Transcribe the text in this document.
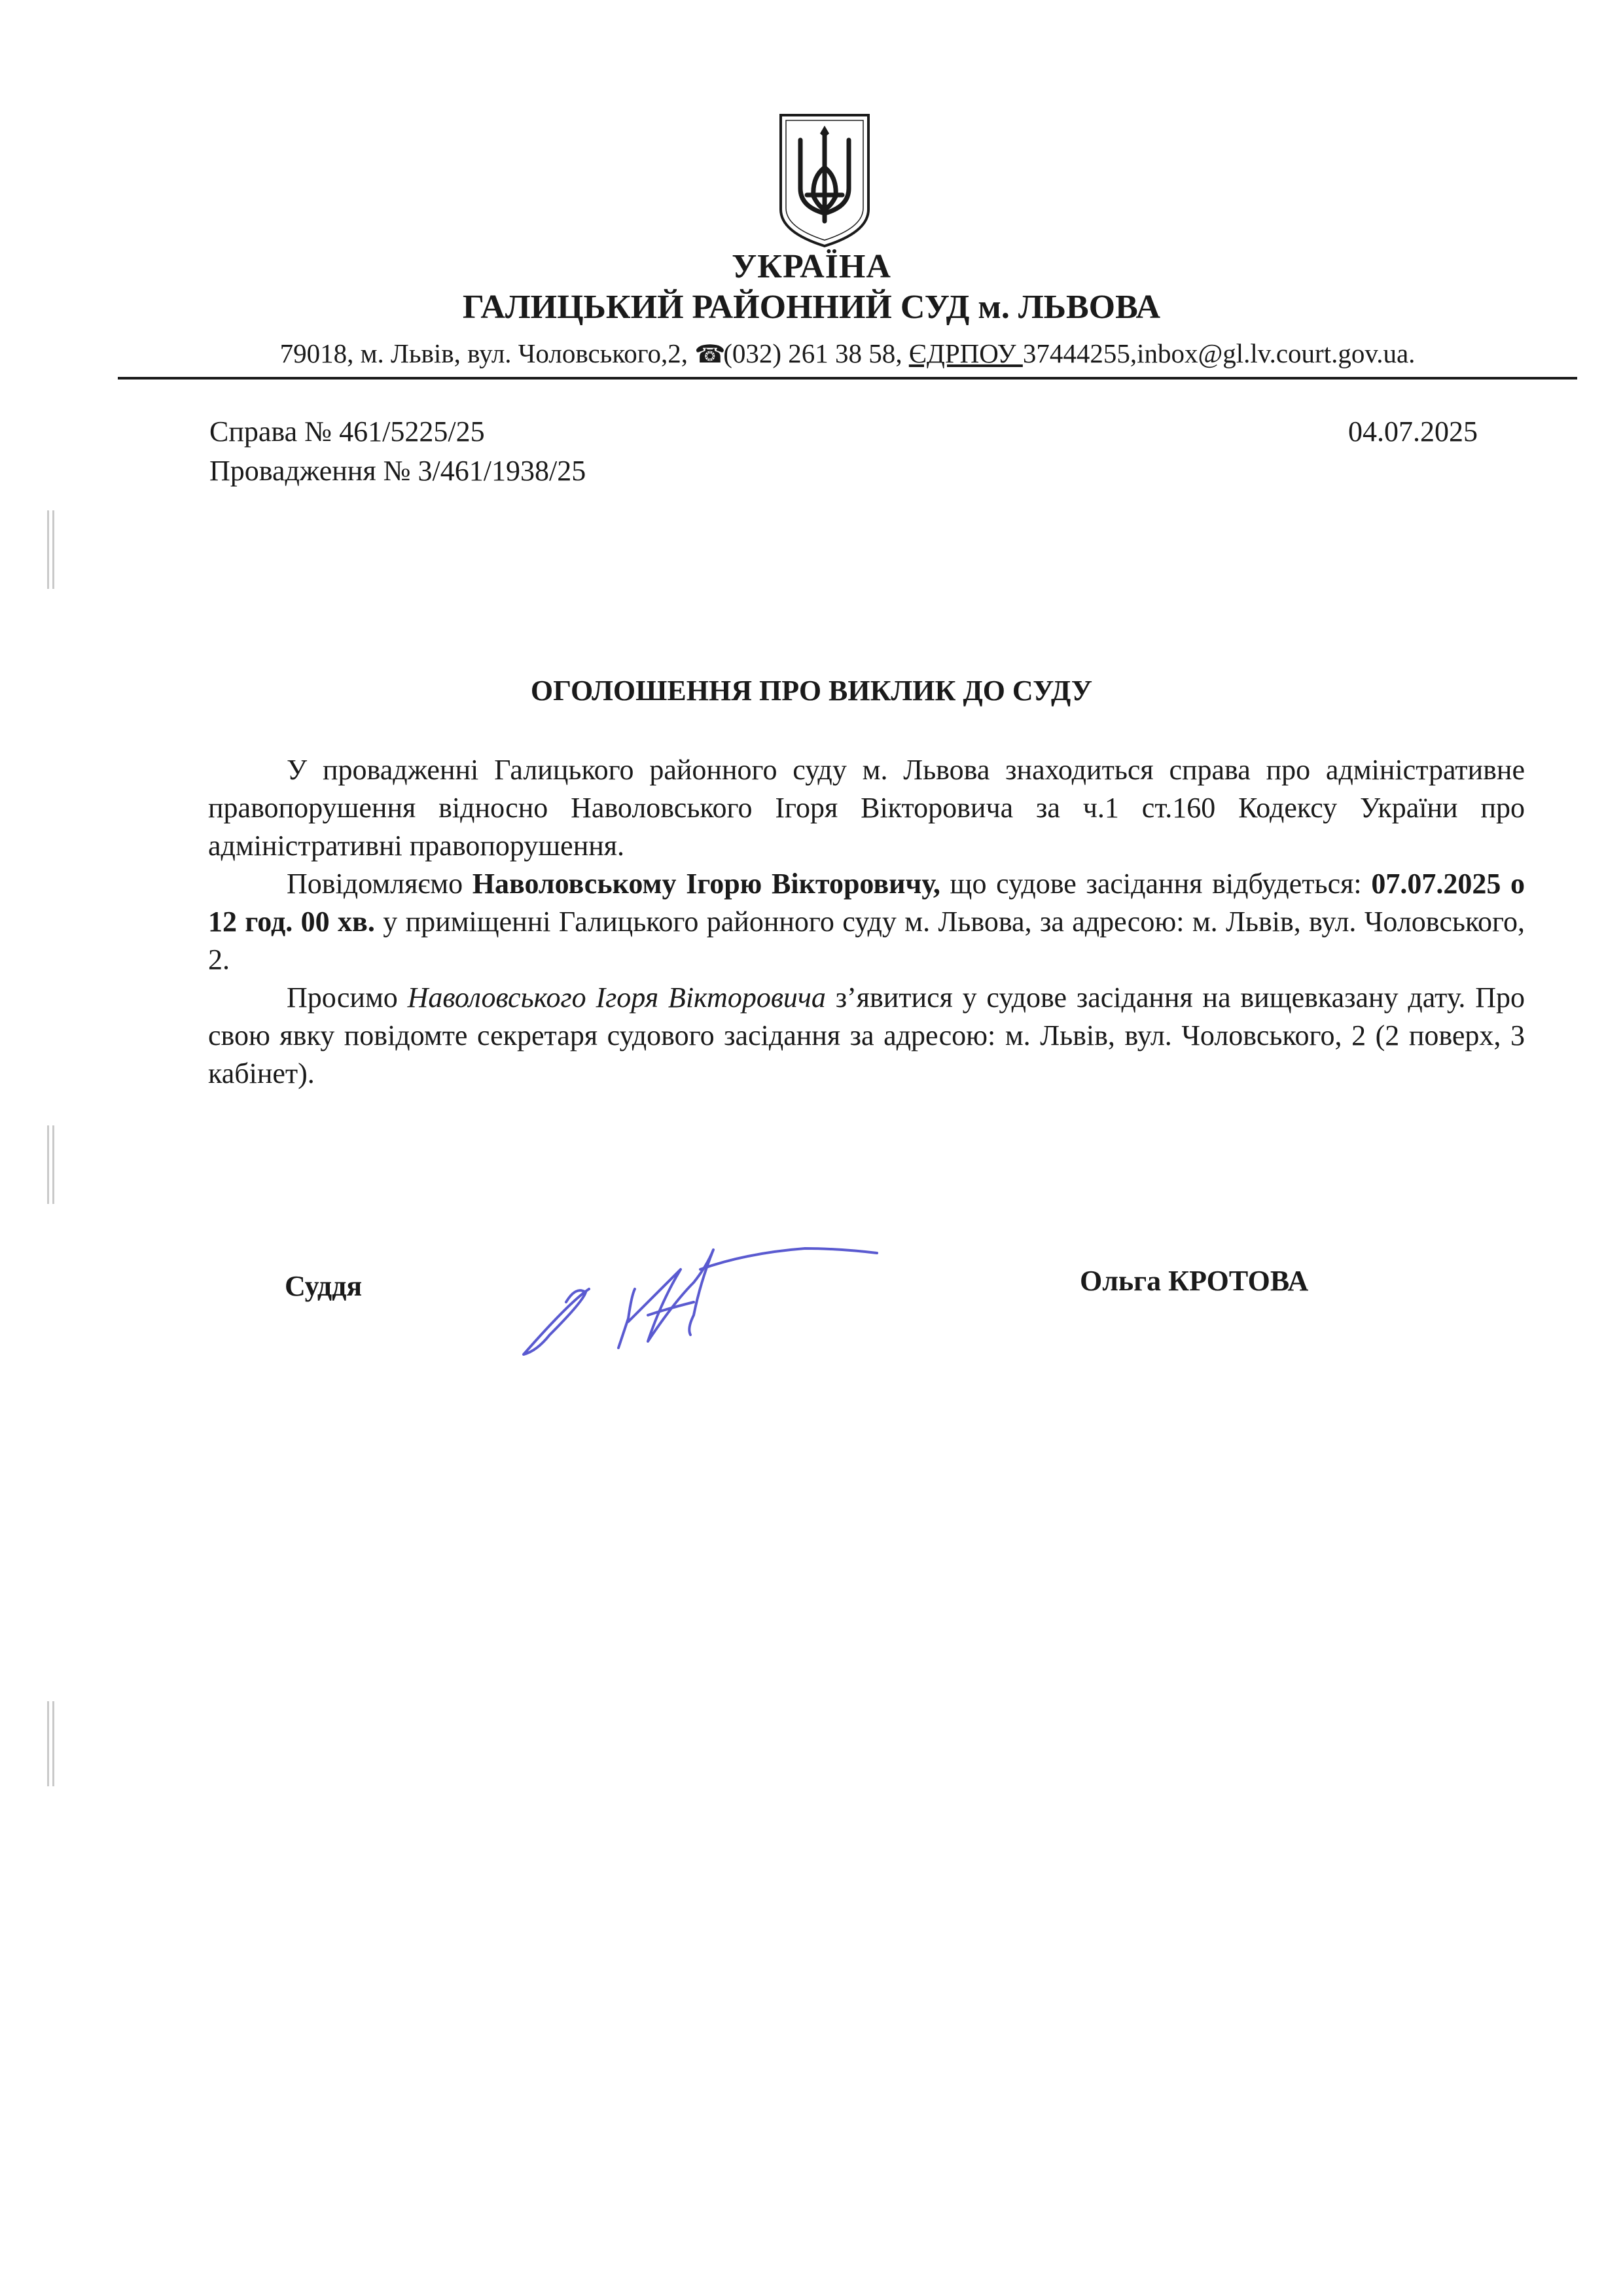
УКРАЇНА
ГАЛИЦЬКИЙ РАЙОННИЙ СУД м. ЛЬВОВА
79018, м. Львів, вул. Чоловського,2, ☎(032) 261 38 58, ЄДРПОУ 37444255,inbox@gl.lv.court.gov.ua.
Справа № 461/5225/25
Провадження № 3/461/1938/25
04.07.2025
ОГОЛОШЕННЯ ПРО ВИКЛИК ДО СУДУ

У провадженні Галицького районного суду м. Львова знаходиться справа про адміністративне правопорушення відносно Наволовського Ігоря Вікторовича за ч.1 ст.160 Кодексу України про адміністративні правопорушення.

Повідомляємо Наволовському Ігорю Вікторовичу, що судове засідання відбудеться: 07.07.2025 о 12 год. 00 хв. у приміщенні Галицького районного суду м. Львова, за адресою: м. Львів, вул. Чоловського, 2.

Просимо Наволовського Ігоря Вікторовича з’явитися у судове засідання на вищевказану дату. Про свою явку повідомте секретаря судового засідання за адресою: м. Львів, вул. Чоловського, 2 (2 поверх, 3 кабінет).

Суддя	Ольга КРОТОВА
